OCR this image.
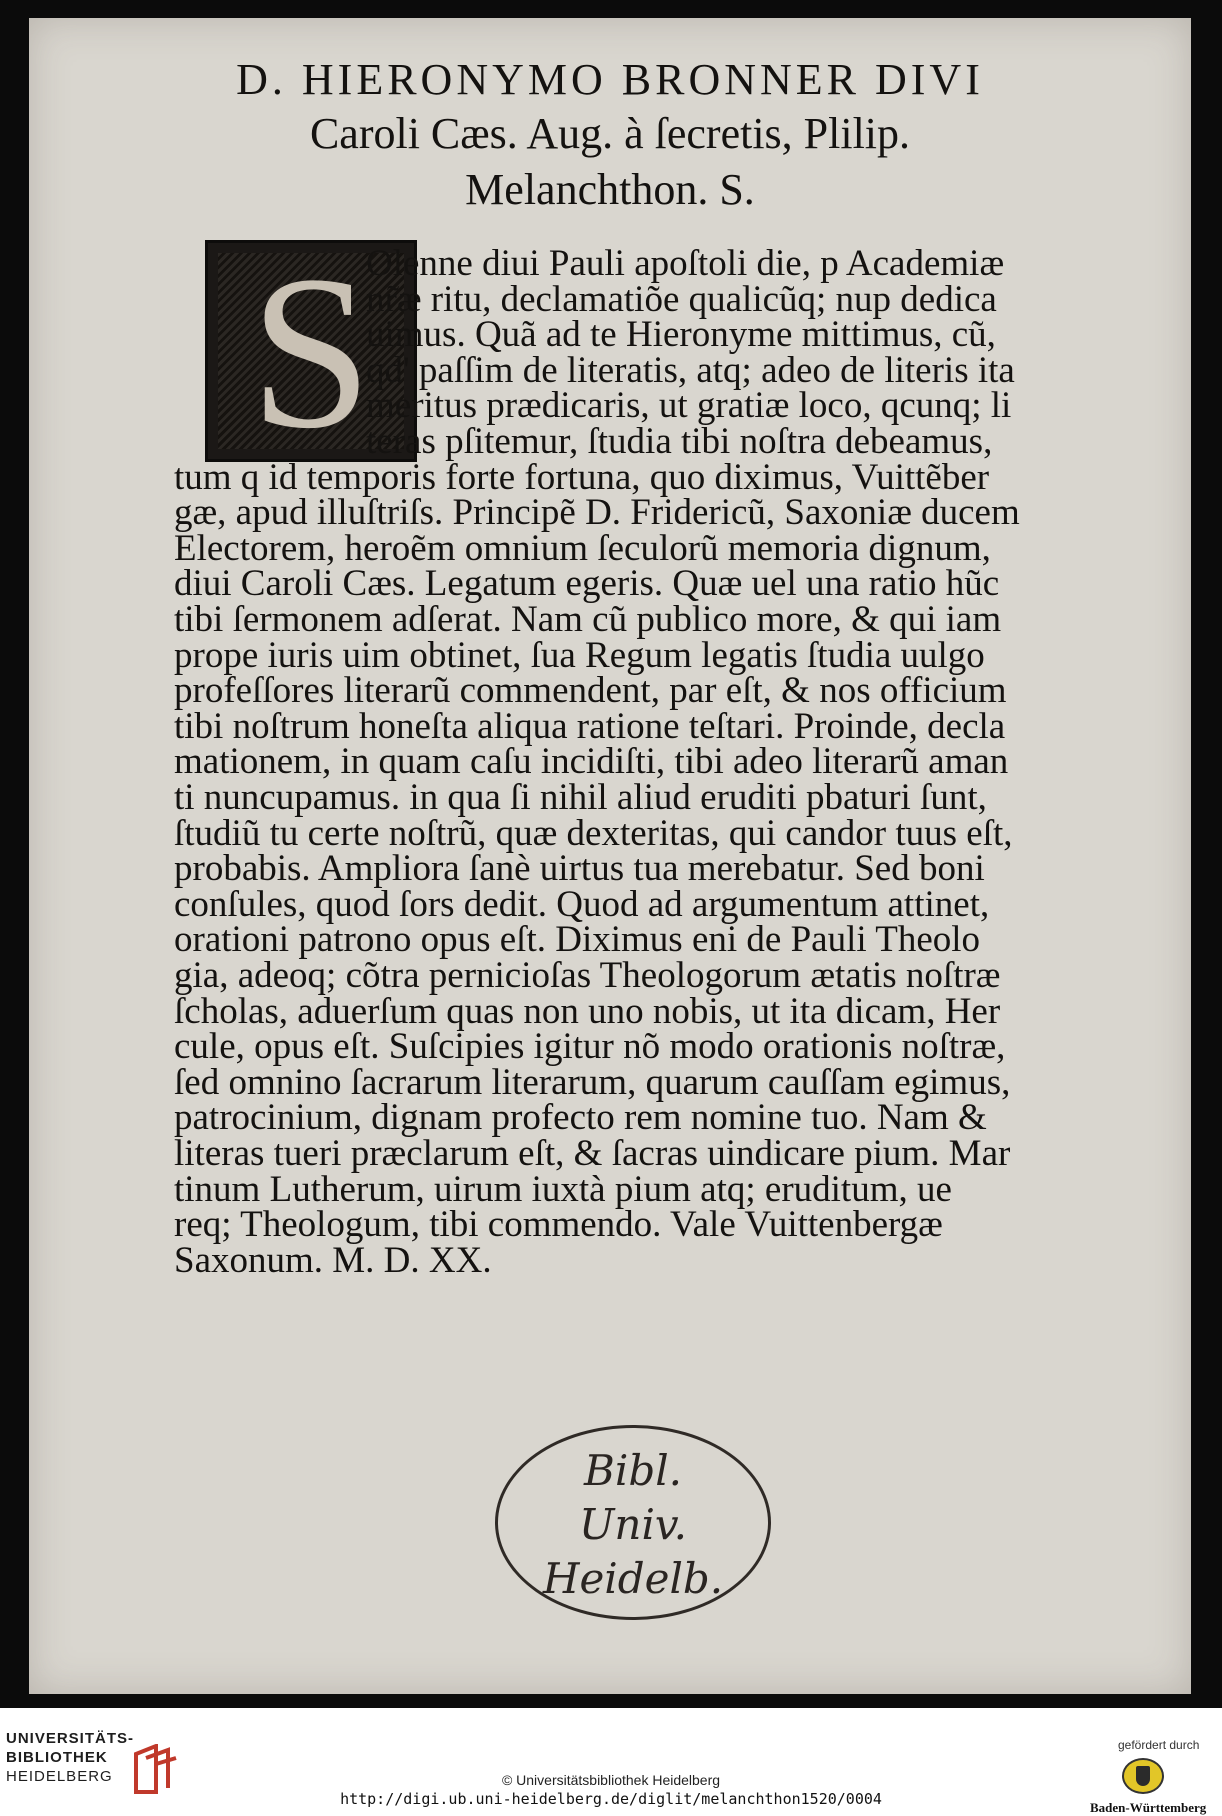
D. HIERONYMO BRONNER DIVI
Caroli Cæs. Aug. à ſecretis, Plilip.
Melanchthon. S.
S
Olenne diui Pauli apoſtoli die, p Academiæ
nr̃æ ritu, declamatiõe qualicũq; nup dedica
uimus. Quã ad te Hieronyme mittimus, cũ,
qd' paſſim de literatis, atq; adeo de literis ita
meritus prædicaris, ut gratiæ loco, qcunq; li
teras pſitemur, ſtudia tibi noſtra debeamus,
tum q id temporis forte fortuna, quo diximus, Vuittẽber
gæ, apud illuſtriſs. Principẽ D. Fridericũ, Saxoniæ ducem
Electorem, heroẽm omnium ſeculorũ memoria dignum,
diui Caroli Cæs. Legatum egeris. Quæ uel una ratio hũc
tibi ſermonem adſerat. Nam cũ publico more, & qui iam
prope iuris uim obtinet, ſua Regum legatis ſtudia uulgo
profeſſores literarũ commendent, par eſt, & nos officium
tibi noſtrum honeſta aliqua ratione teſtari. Proinde, decla
mationem, in quam caſu incidiſti, tibi adeo literarũ aman
ti nuncupamus. in qua ſi nihil aliud eruditi pbaturi ſunt,
ſtudiũ tu certe noſtrũ, quæ dexteritas, qui candor tuus eſt,
probabis. Ampliora ſanè uirtus tua merebatur. Sed boni
conſules, quod ſors dedit. Quod ad argumentum attinet,
orationi patrono opus eſt. Diximus eni de Pauli Theolo
gia, adeoq; cõtra pernicioſas Theologorum ætatis noſtræ
ſcholas, aduerſum quas non uno nobis, ut ita dicam, Her
cule, opus eſt. Suſcipies igitur nõ modo orationis noſtræ,
ſed omnino ſacrarum literarum, quarum cauſſam egimus,
patrocinium, dignam profecto rem nomine tuo. Nam &
literas tueri præclarum eſt, & ſacras uindicare pium. Mar
tinum Lutherum, uirum iuxtà pium atq; eruditum, ue
req; Theologum, tibi commendo. Vale Vuittenbergæ
Saxonum. M. D. XX.
Bibl.
Univ.
Heidelb.
UNIVERSITÄTS-
BIBLIOTHEK
HEIDELBERG	© Universitätsbibliothek Heidelberg
http://digi.ub.uni-heidelberg.de/diglit/melanchthon1520/0004
gefördert durch
Baden-Württemberg
